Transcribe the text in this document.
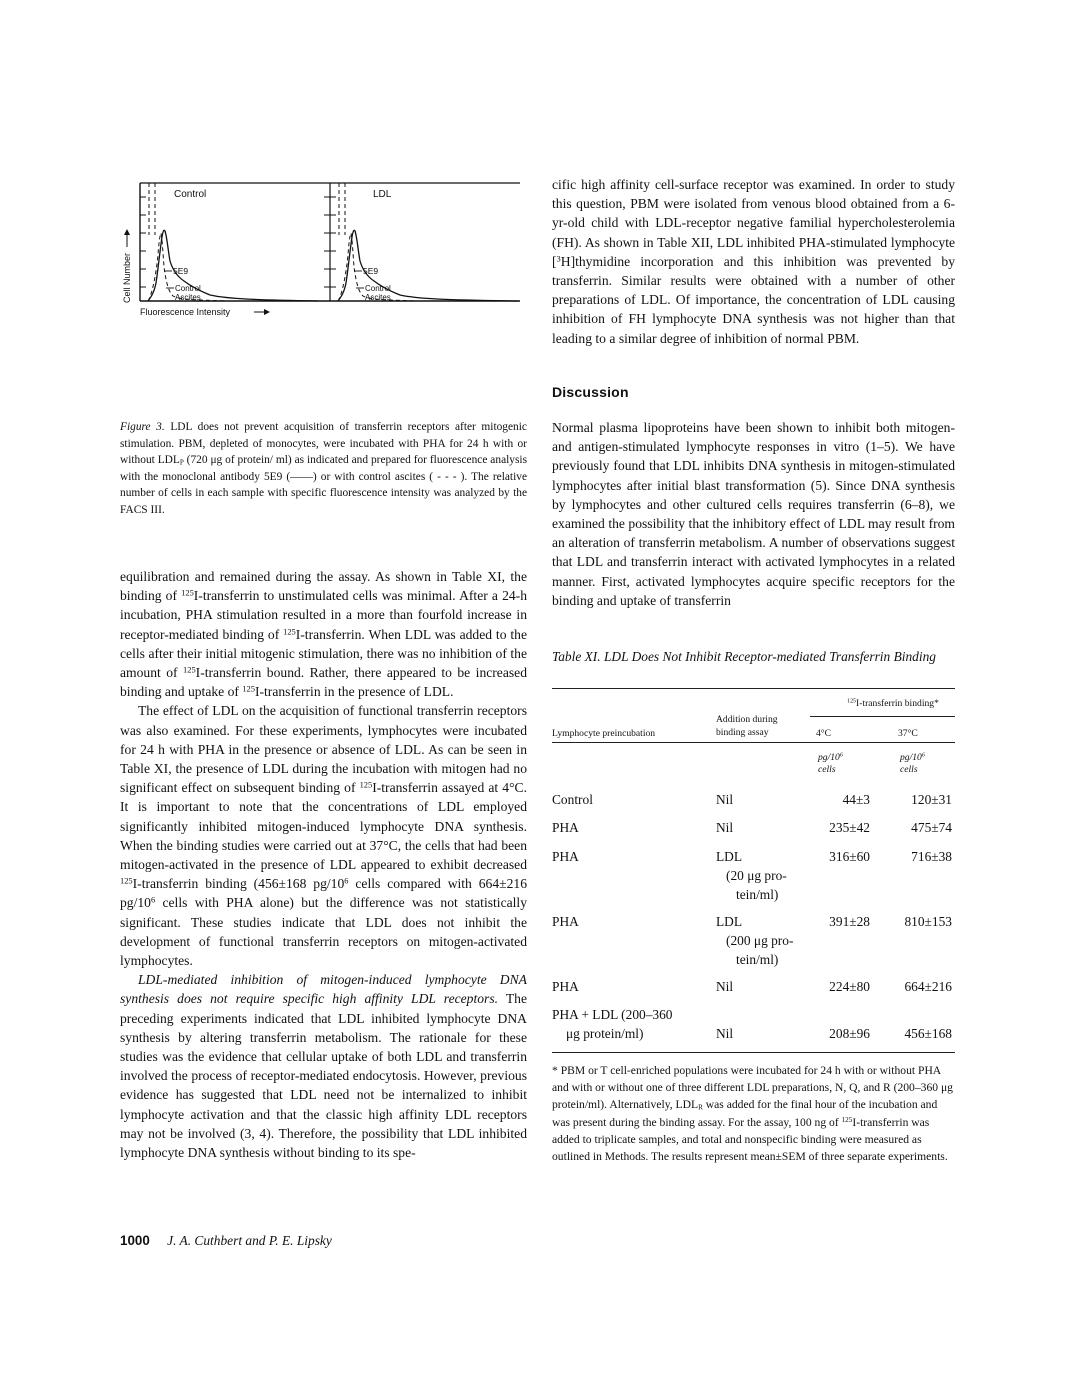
Control
5E9
Control
Ascites
LDL
5E9
Control
Ascites
Cell Number
Fluorescence Intensity
Figure 3. LDL does not prevent acquisition of transferrin receptors after mitogenic stimulation. PBM, depleted of monocytes, were incubated with PHA for 24 h with or without $LDL_P$ (720 μg of protein/ ml) as indicated and prepared for fluorescence analysis with the monoclonal antibody 5E9 (——) or with control ascites ( - - - ). The relative number of cells in each sample with specific fluorescence intensity was analyzed by the FACS III.

equilibration and remained during the assay. As shown in Table XI, the binding of $^{125}$I-transferrin to unstimulated cells was minimal. After a 24-h incubation, PHA stimulation resulted in a more than fourfold increase in receptor-mediated binding of $^{125}$I-transferrin. When LDL was added to the cells after their initial mitogenic stimulation, there was no inhibition of the amount of $^{125}$I-transferrin bound. Rather, there appeared to be increased binding and uptake of $^{125}$I-transferrin in the presence of LDL.

The effect of LDL on the acquisition of functional transferrin receptors was also examined. For these experiments, lymphocytes were incubated for 24 h with PHA in the presence or absence of LDL. As can be seen in Table XI, the presence of LDL during the incubation with mitogen had no significant effect on subsequent binding of $^{125}$I-transferrin assayed at 4°C. It is important to note that the concentrations of LDL employed significantly inhibited mitogen-induced lymphocyte DNA synthesis. When the binding studies were carried out at 37°C, the cells that had been mitogen-activated in the presence of LDL appeared to exhibit decreased $^{125}$I-transferrin binding (456±168 $pg/10^6$ cells compared with 664±216 $pg/10^6$ cells with PHA alone) but the difference was not statistically significant. These studies indicate that LDL does not inhibit the development of functional transferrin receptors on mitogen-activated lymphocytes.

LDL-mediated inhibition of mitogen-induced lymphocyte DNA synthesis does not require specific high affinity LDL receptors. The preceding experiments indicated that LDL inhibited lymphocyte DNA synthesis by altering transferrin metabolism. The rationale for these studies was the evidence that cellular uptake of both LDL and transferrin involved the process of receptor-mediated endocytosis. However, previous evidence has suggested that LDL need not be internalized to inhibit lymphocyte activation and that the classic high affinity LDL receptors may not be involved (3, 4). Therefore, the possibility that LDL inhibited lymphocyte DNA synthesis without binding to its spe-

cific high affinity cell-surface receptor was examined. In order to study this question, PBM were isolated from venous blood obtained from a 6-yr-old child with LDL-receptor negative familial hypercholesterolemia (FH). As shown in Table XII, LDL inhibited PHA-stimulated lymphocyte [$^3$H]thymidine incorporation and this inhibition was prevented by transferrin. Similar results were obtained with a number of other preparations of LDL. Of importance, the concentration of LDL causing inhibition of FH lymphocyte DNA synthesis was not higher than that leading to a similar degree of inhibition of normal PBM.

Discussion

Normal plasma lipoproteins have been shown to inhibit both mitogen- and antigen-stimulated lymphocyte responses in vitro (1–5). We have previously found that LDL inhibits DNA synthesis in mitogen-stimulated lymphocytes after initial blast transformation (5). Since DNA synthesis by lymphocytes and other cultured cells requires transferrin (6–8), we examined the possibility that the inhibitory effect of LDL may result from an alteration of transferrin metabolism. A number of observations suggest that LDL and transferrin interact with activated lymphocytes in a related manner. First, activated lymphocytes acquire specific receptors for the binding and uptake of transferrin

Table XI. LDL Does Not Inhibit Receptor-mediated Transferrin Binding
$^{125}$I-transferrin binding*
Lymphocyte preincubation
Addition during
binding assay	4°C	37°C
$pg/10^6$
cells
$pg/10^6$
cells
Control	Nil	44±3	120±31
PHA	Nil	235±42	475±74
PHA	LDL
(20 μg pro-
tein/ml)
316±60	716±38
PHA	LDL
(200 μg pro-
tein/ml)
391±28	810±153
PHA	Nil	224±80	664±216
PHA + LDL (200–360
μg protein/ml)	Nil	208±96	456±168
* PBM or T cell-enriched populations were incubated for 24 h with or without PHA and with or without one of three different LDL preparations, N, Q, and R (200–360 μg protein/ml). Alternatively, $LDL_R$ was added for the final hour of the incubation and was present during the binding assay. For the assay, 100 ng of $^{125}$I-transferrin was added to triplicate samples, and total and nonspecific binding were measured as outlined in Methods. The results represent mean±SEM of three separate experiments.
1000 J. A. Cuthbert and P. E. Lipsky
